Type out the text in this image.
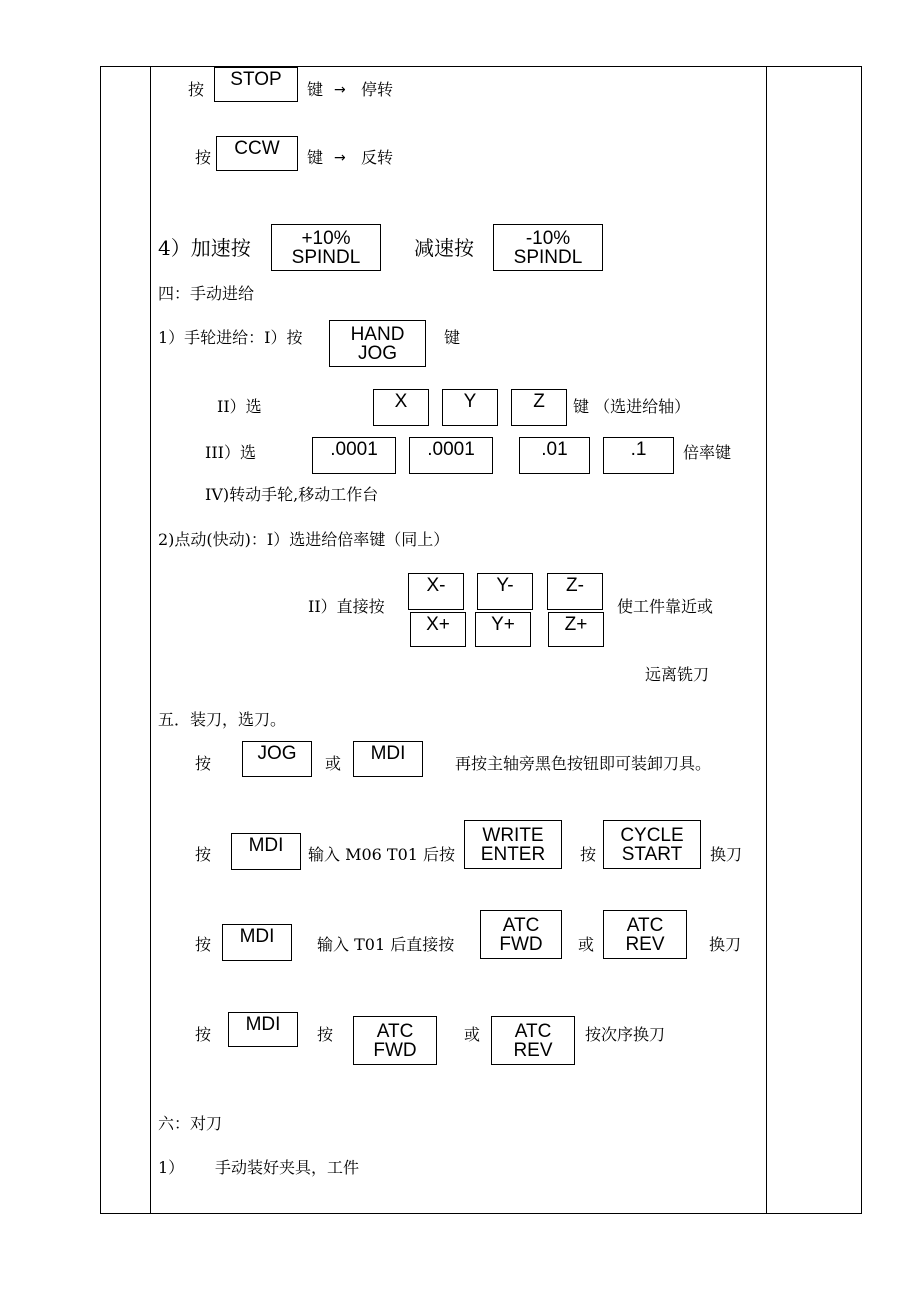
按 STOP 键 → 停转
按 CCW 键 → 反转
4）加速按	+10%
SPINDL	减速按	-10%
SPINDL
四：手动进给
1）手轮进给：I）按	HAND
JOG
键
II）选	X	Y	Z 键 （选进给轴）
III）选	.0001	.0001	.01	.1 倍率键
IV)转动手轮,移动工作台
2)点动(快动)：I）选进给倍率键（同上）
II）直接按
X-	Y-	Z-
X+ Y+	Z+
使工件靠近或
远离铣刀
五．装刀，选刀。
按 JOG 或 MDI	再按主轴旁黑色按钮即可装卸刀具。
按 MDI 输入 M06 T01 后按
WRITE
ENTER 按
CYCLE
START 换刀
按 MDI	输入 T01 后直接按
ATC
FWD 或
ATC
REV	换刀
按 MDI 按 ATC
FWD
或 ATC
REV
按次序换刀
六：对刀
1） 手动装好夹具，工件
